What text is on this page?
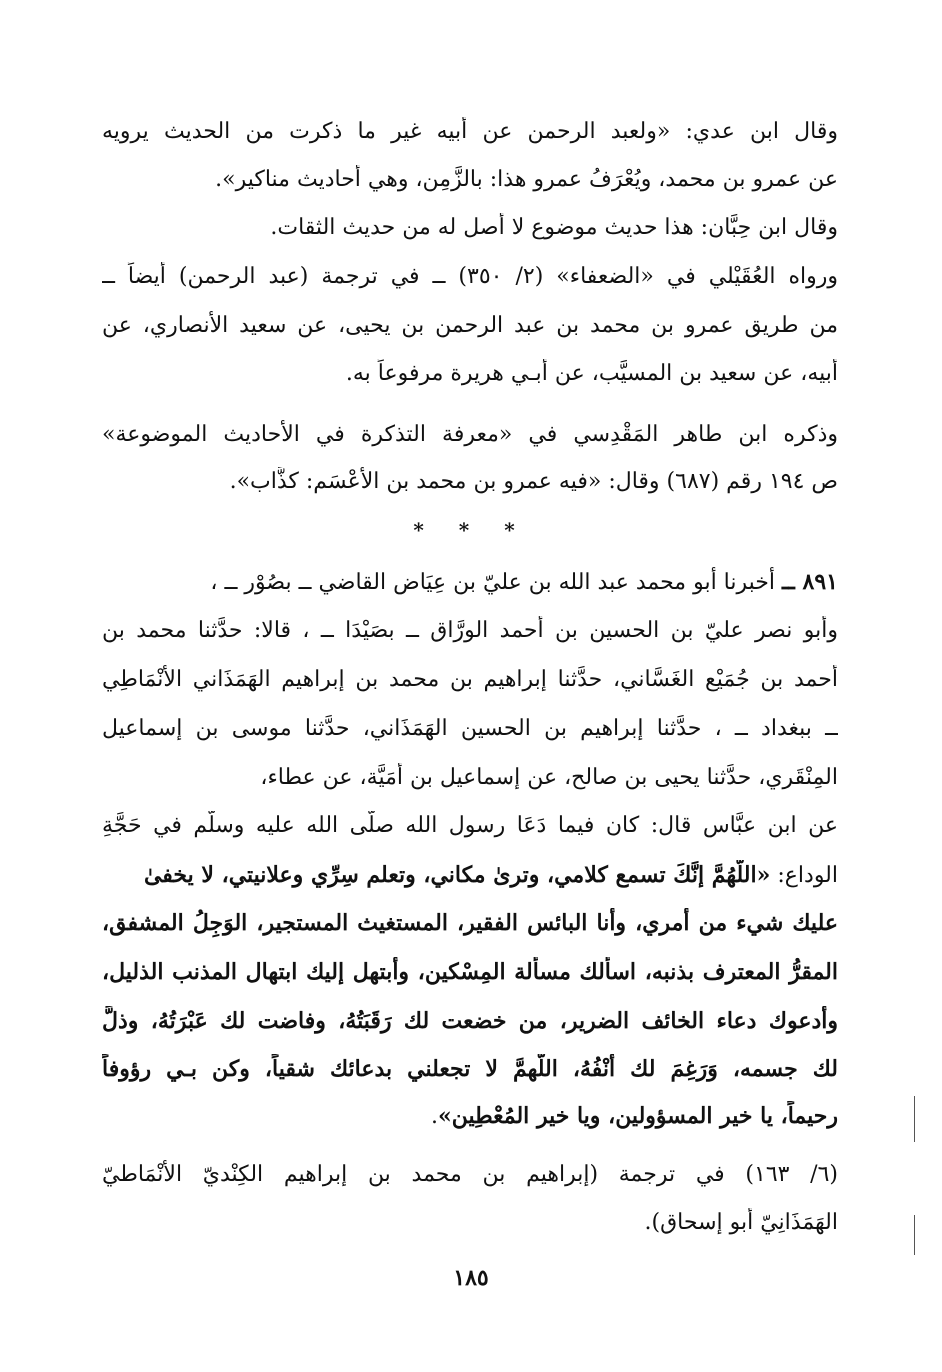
وقال ابن عدي: «ولعبد الرحمن عن أبيه غير ما ذكرت من الحديث يرويه
عن عمرو بن محمد، ويُعْرَفُ عمرو هذا: بالزَّمِن، وهي أحاديث مناكير».
وقال ابن حِبَّان: هذا حديث موضوع لا أصل له من حديث الثقات.
ورواه العُقَيْلي في «الضعفاء» (٢/ ٣٥٠) ــ في ترجمة (عبد الرحمن) أيضاً ــ
من طريق عمرو بن محمد بن عبد الرحمن بن يحيى، عن سعيد الأنصاري، عن
أبيه، عن سعيد بن المسيَّب، عن أبـي هريرة مرفوعاً به.
وذكره ابن طاهر المَقْدِسي في «معرفة التذكرة في الأحاديث الموضوعة»
ص ١٩٤ رقم (٦٨٧) وقال: «فيه عمرو بن محمد بن الأَعْسَم: كذَّاب».
* * *
٨٩١ ــ أخبرنا أبو محمد عبد الله بن عليّ بن عِيَاض القاضي ــ بصُوْر ــ ،
وأبو نصر عليّ بن الحسين بن أحمد الورَّاق ــ بصَيْدَا ــ ، قالا: حدَّثنا محمد بن
أحمد بن جُمَيْع الغَسَّاني، حدَّثنا إبراهيم بن محمد بن إبراهيم الهَمَذَاني الأَنْمَاطِي
ــ ببغداد ــ ، حدَّثنا إبراهيم بن الحسين الهَمَذَاني، حدَّثنا موسى بن إسماعيل
المِنْقَري، حدَّثنا يحيى بن صالح، عن إسماعيل بن أُمَيَّة، عن عطاء،
عن ابن عبَّاس قال: كان فيما دَعَا رسول الله صلَّى الله عليه وسلَّم في حَجَّةِ
الوداع: «اللَّهُمَّ إنَّكَ تسمع كلامي، وترىٰ مكاني، وتعلم سِرِّي وعلانيتي، لا يخفىٰ
عليك شيء من أمري، وأنا البائس الفقير، المستغيث المستجير، الوَجِلُ المشفق،
المقرُّ المعترف بذنبه، اسألك مسألة المِسْكين، وأبتهل إليك ابتهال المذنب الذليل،
وأدعوك دعاء الخائف الضرير، من خضعت لك رَقَبَتُهُ، وفاضت لك عَبْرَتُهُ، وذلَّ
لك جسمه، وَرَغِمَ لك أَنْفُهُ، اللَّهمَّ لا تجعلني بدعائك شقياً، وكن بـي رؤوفاً
رحيماً، يا خير المسؤولين، ويا خير المُعْطِين».
(٦/ ١٦٣) في ترجمة (إبراهيم بن محمد بن إبراهيم الكِنْديّ الأَنْمَاطيّ
الهَمَذَانِيّ أبو إسحاق).
١٨٥
